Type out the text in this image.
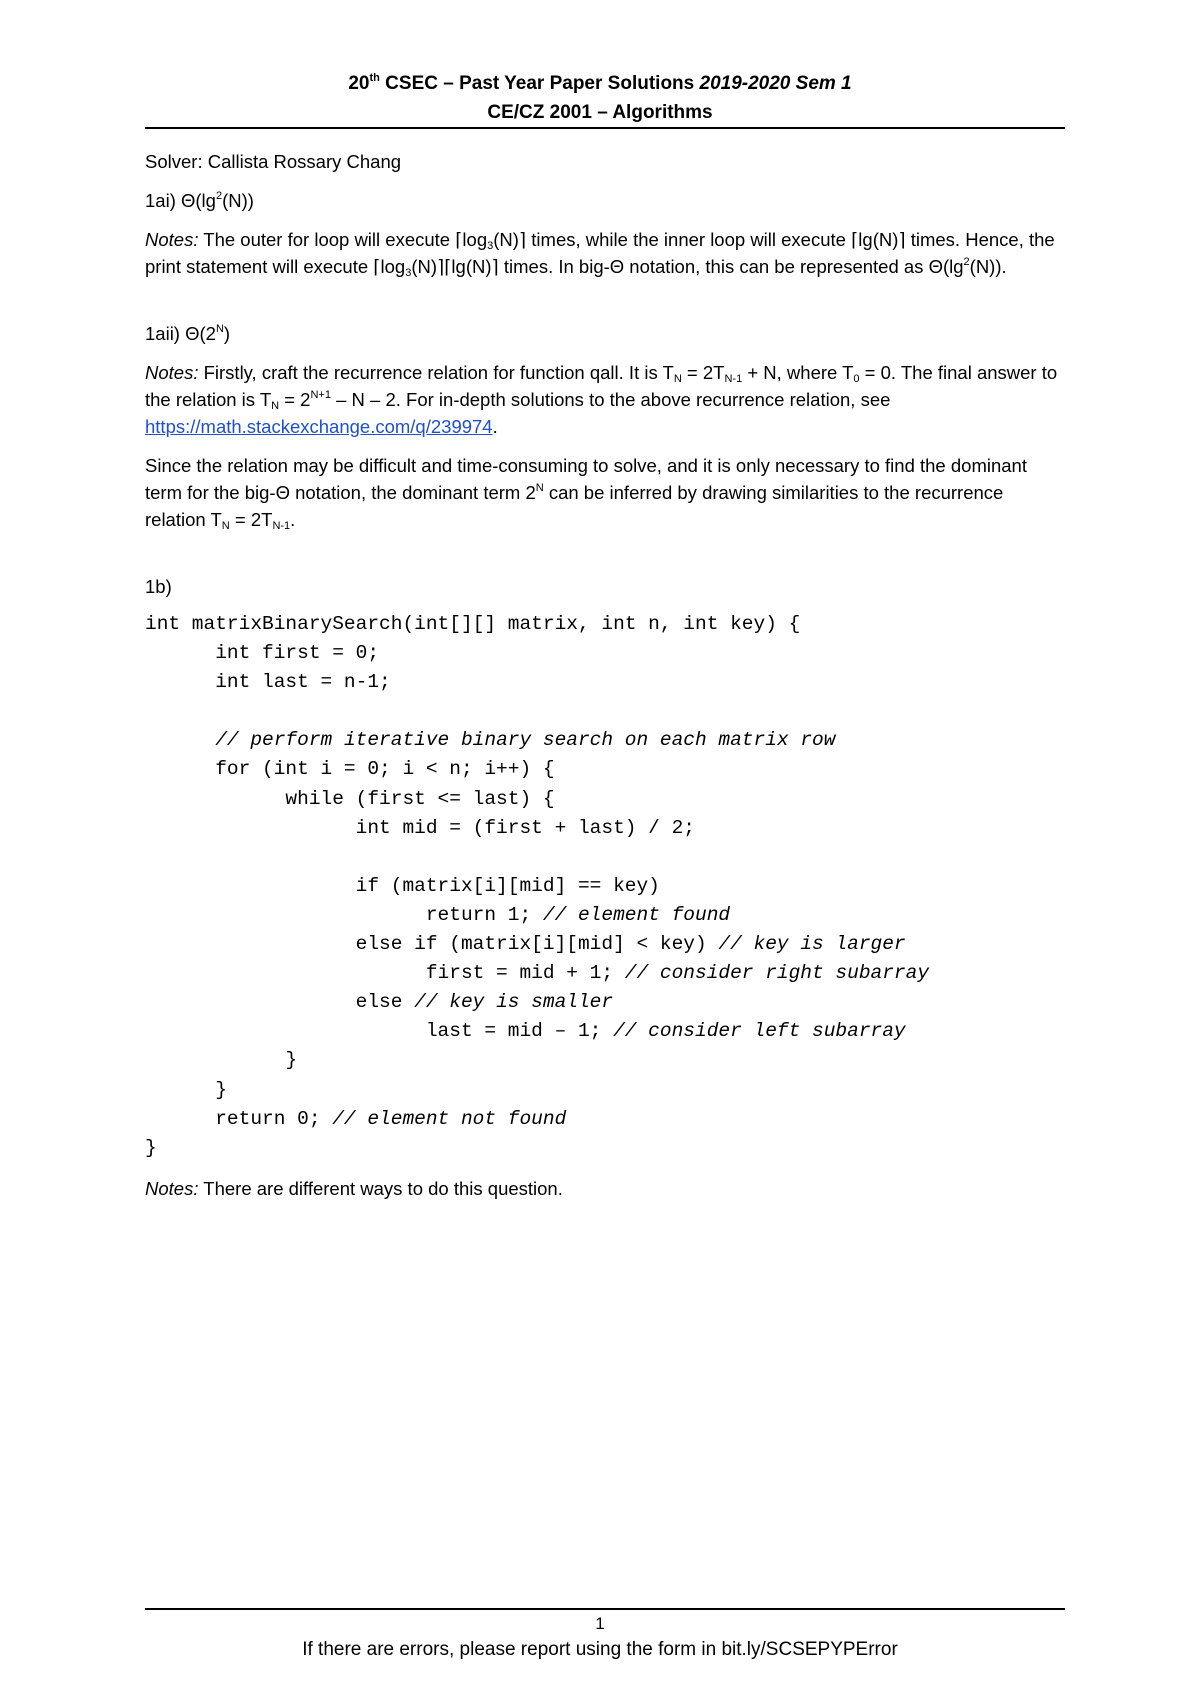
20th CSEC – Past Year Paper Solutions 2019-2020 Sem 1
CE/CZ 2001 – Algorithms

Solver: Callista Rossary Chang

1ai) $\Theta(\lg^2(N))$

Notes: The outer for loop will execute $⌈\log_3(N)⌉$ times, while the inner loop will execute ⌈lg(N)⌉ times. Hence, the print statement will execute $⌈\log_3(N)⌉⌈\lg(N)⌉$ times. In big-Θ notation, this can be represented as $\Theta(\lg^2(N))$.

1aii) $\Theta(2^N)$

Notes: Firstly, craft the recurrence relation for function qall. It is $T_N = 2T_{N-1} + N$, where $T_0 = 0$. The final answer to the relation is $T_N = 2^{N+1} - N - 2$. For in-depth solutions to the above recurrence relation, see https://math.stackexchange.com/q/239974.

Since the relation may be difficult and time-consuming to solve, and it is only necessary to find the dominant term for the big-Θ notation, the dominant term $2^N$ can be inferred by drawing similarities to the recurrence relation $T_N = 2T_{N-1}$.

1b)

int matrixBinarySearch(int[][] matrix, int n, int key) {
int first = 0;
int last = n-1;
// perform iterative binary search on each matrix row
for (int i = 0; i < n; i++) {
while (first <= last) {
int mid = (first + last) / 2;
if (matrix[i][mid] == key)
return 1; // element found
else if (matrix[i][mid] < key) // key is larger
first = mid + 1; // consider right subarray
else // key is smaller
last = mid – 1; // consider left subarray
}
}
return 0; // element not found
}

Notes: There are different ways to do this question.

1
If there are errors, please report using the form in bit.ly/SCSEPYPError
